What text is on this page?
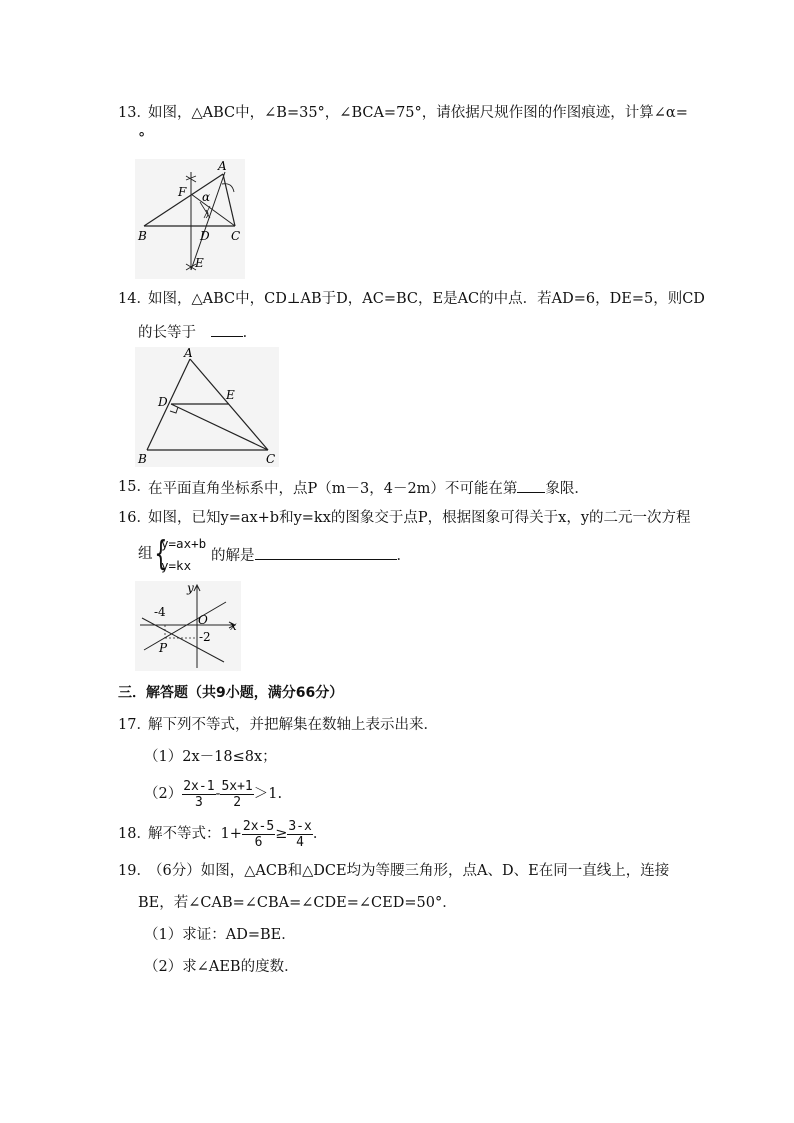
13．
如图，△ABC中，∠B=35°，∠BCA=75°，请依据尺规作图的作图痕迹，计算∠α=
°
A
F α
B	D C
E
14．
如图，△ABC中，CD⊥AB于D，AC=BC，E是AC的中点．若AD=6，DE=5，则CD
的长等于	．
A
E
D
B	C
15．
在平面直角坐标系中，点P（m－3，4－2m）不可能在第 象限．
16．
如图，已知y=ax+b和y=kx的图象交于点P，根据图象可得关于x，y的二元一次方程
组 {
y=ax+b
y=kx
的解是	．
y
x
O
-4
-2
P
三．解答题（共9小题，满分66分）
17．
解下列不等式，并把解集在数轴上表示出来．
（1）2x－18≤8x；
$(2) \frac{2x-1}{3} - \frac{5x+1}{2} >1$.
18．
解不等式：$1+ \frac{2x-5}{6} \ge \frac{3-x}{4}$ ．
19．
（6分）如图，△ACB和△DCE均为等腰三角形，点A、D、E在同一直线上，连接
BE，若∠CAB=∠CBA=∠CDE=∠CED=50°．
（1）求证：AD=BE．
（2）求∠AEB的度数．
